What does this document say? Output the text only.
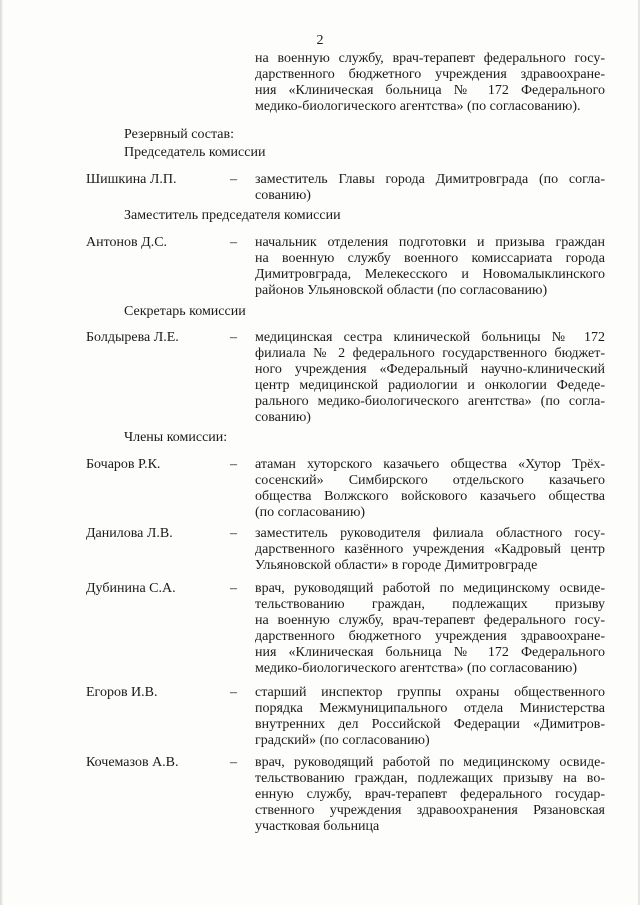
2
на военную службу, врач-терапевт федерального госу-
дарственного бюджетного учреждения здравоохране-
ния «Клиническая больница № 172 Федерального
медико-биологического агентства» (по согласованию).
Резервный состав:
Председатель комиссии
Шишкина Л.П.	– заместитель Главы города Димитровграда (по согла-
сованию)
Заместитель председателя комиссии
Антонов Д.С.	– начальник отделения подготовки и призыва граждан
на военную службу военного комиссариата города
Димитровграда, Мелекесского и Новомалыклинского
районов Ульяновской области (по согласованию)
Секретарь комиссии
Болдырева Л.Е.	– медицинская сестра клинической больницы № 172
филиала № 2 федерального государственного бюджет-
ного учреждения «Федеральный научно-клинический
центр медицинской радиологии и онкологии Федеде-
рального медико-биологического агентства» (по согла-
сованию)
Члены комиссии:
Бочаров Р.К.	– атаман хуторского казачьего общества «Хутор Трёх-
сосенский» Симбирского отдельского казачьего
общества Волжского войскового казачьего общества
(по согласованию)
Данилова Л.В.	– заместитель руководителя филиала областного госу-
дарственного казённого учреждения «Кадровый центр
Ульяновской области» в городе Димитровграде
Дубинина С.А.	– врач, руководящий работой по медицинскому освиде-
тельствованию граждан, подлежащих призыву
на военную службу, врач-терапевт федерального госу-
дарственного бюджетного учреждения здравоохране-
ния «Клиническая больница № 172 Федерального
медико-биологического агентства» (по согласованию)
Егоров И.В.	– старший инспектор группы охраны общественного
порядка Межмуниципального отдела Министерства
внутренних дел Российской Федерации «Димитров-
градский» (по согласованию)
Кочемазов А.В.	– врач, руководящий работой по медицинскому освиде-
тельствованию граждан, подлежащих призыву на во-
енную службу, врач-терапевт федерального государ-
ственного учреждения здравоохранения Рязановская
участковая больница
